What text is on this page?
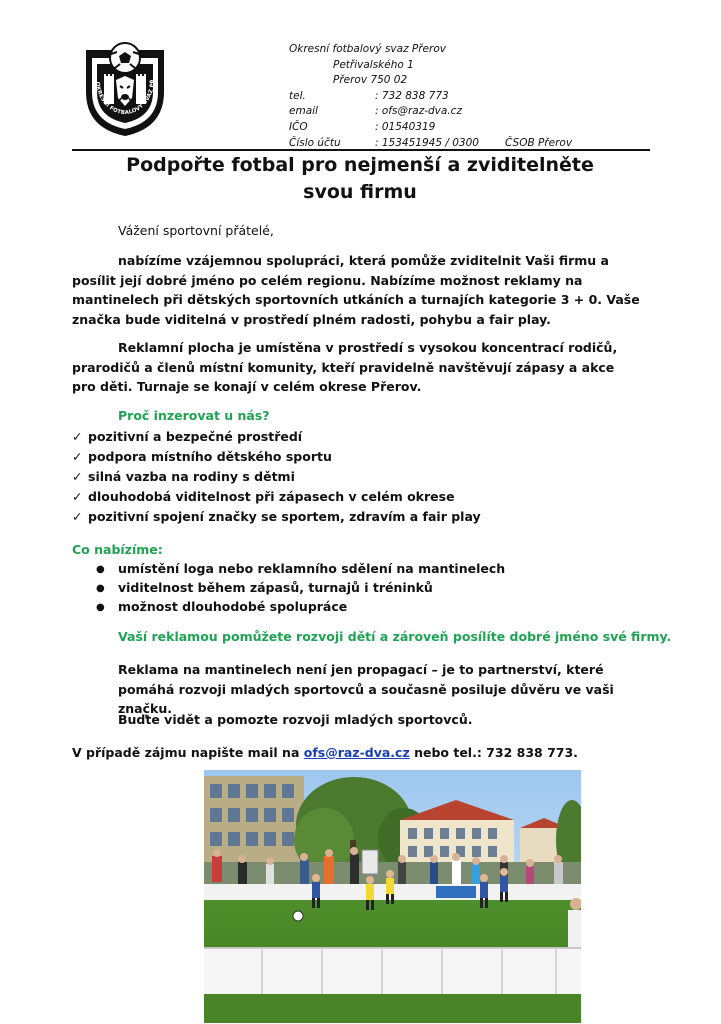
OKRESNÍ FOTBALOVÝ SVAZ PŘ
Okresní fotbalový svaz Přerov
Petřivalského 1
Přerov 750 02
tel.	: 732 838 773
email	: ofs@raz-dva.cz
IČO	: 01540319
Číslo účtu	: 153451945 / 0300 ČSOB Přerov
Podpořte fotbal pro nejmenší a zviditelněte svou firmu
Vážení sportovní přátelé,
nabízíme vzájemnou spolupráci, která pomůže zviditelnit Vaši firmu a posílit její dobré jméno po celém regionu. Nabízíme možnost reklamy na mantinelech při dětských sportovních utkáních a turnajích kategorie 3 + 0. Vaše značka bude viditelná v prostředí plném radosti, pohybu a fair play.
Reklamní plocha je umístěna v prostředí s vysokou koncentrací rodičů, prarodičů a členů místní komunity, kteří pravidelně navštěvují zápasy a akce pro děti. Turnaje se konají v celém okrese Přerov.
Proč inzerovat u nás?
✓ pozitivní a bezpečné prostředí
✓ podpora místního dětského sportu
✓ silná vazba na rodiny s dětmi
✓ dlouhodobá viditelnost při zápasech v celém okrese
✓ pozitivní spojení značky se sportem, zdravím a fair play
Co nabízíme:
● umístění loga nebo reklamního sdělení na mantinelech
● viditelnost během zápasů, turnajů i tréninků
● možnost dlouhodobé spolupráce
Vaší reklamou pomůžete rozvoji dětí a zároveň posílíte dobré jméno své firmy.
Reklama na mantinelech není jen propagací – je to partnerství, které pomáhá rozvoji mladých sportovců a současně posiluje důvěru ve vaši značku.
Buďte vidět a pomozte rozvoji mladých sportovců.
V případě zájmu napište mail na ofs@raz-dva.cz nebo tel.: 732 838 773.
